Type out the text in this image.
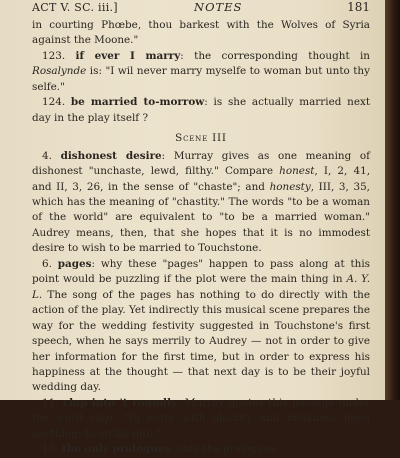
ACT V. SC. iii.]	NOTES	181

in courting Phœbe, thou barkest with the Wolves of Syria against the Moone."

123. if ever I marry: the corresponding thought in Rosalynde is: "I wil never marry myselfe to woman but unto thy selfe."

124. be married to-morrow: is she actually married next day in the play itself ?

Scene III

4. dishonest desire: Murray gives as one meaning of dishonest "unchaste, lewd, filthy." Compare honest, I, 2, 41, and II, 3, 26, in the sense of "chaste"; and honesty, III, 3, 35, which has the meaning of "chastity." The words "to be a woman of the world" are equivalent to "to be a married woman." Audrey means, then, that she hopes that it is no immodest desire to wish to be married to Touchstone.

6. pages: why these "pages" happen to pass along at this point would be puzzling if the plot were the main thing in A. Y. L. The song of the pages has nothing to do directly with the action of the play. Yet indirectly this musical scene prepares the way for the wedding festivity suggested in Touchstone's first speech, when he says merrily to Audrey — not in order to give her information for the first time, but in order to express his happiness at the thought — that next day is to be their joyful wedding day.

11. clap into 't roundly: Murray quotes this passage under the word clap: "To enter with alacrity and briskness upon anything; to strike into."

13. the only prologues: only the prologues.
